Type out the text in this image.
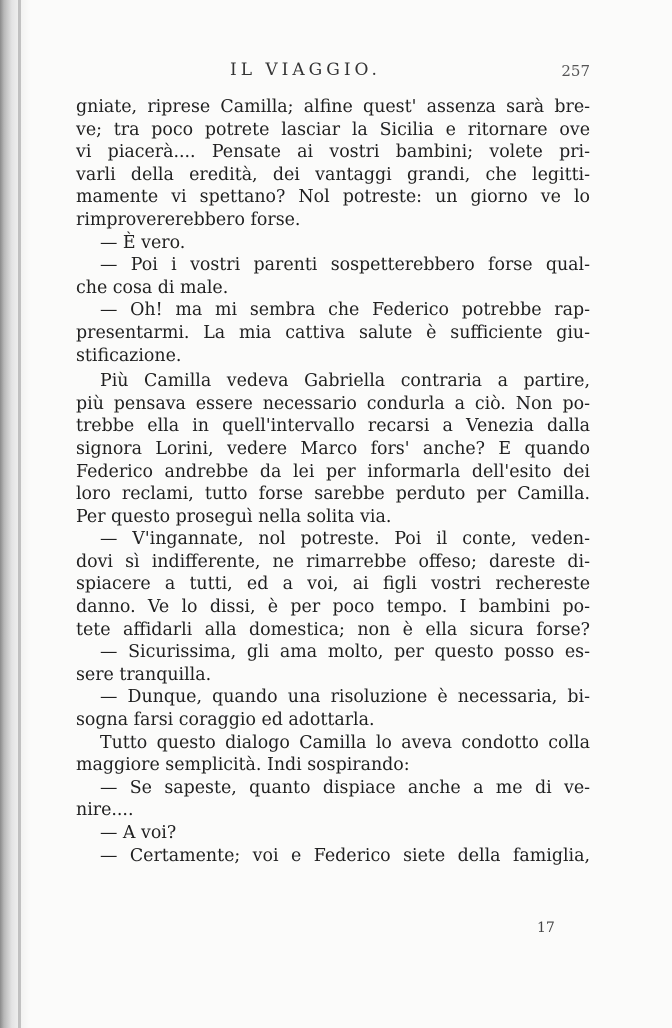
IL VIAGGIO.	257
gniate, riprese Camilla; alfine quest' assenza sarà bre-
ve; tra poco potrete lasciar la Sicilia e ritornare ove
vi piacerà.... Pensate ai vostri bambini; volete pri-
varli della eredità, dei vantaggi grandi, che legitti-
mamente vi spettano? Nol potreste: un giorno ve lo
rimprovererebbero forse.
— È vero.
— Poi i vostri parenti sospetterebbero forse qual-
che cosa di male.
— Oh! ma mi sembra che Federico potrebbe rap-
presentarmi. La mia cattiva salute è sufficiente giu-
stificazione.
Più Camilla vedeva Gabriella contraria a partire,
più pensava essere necessario condurla a ciò. Non po-
trebbe ella in quell'intervallo recarsi a Venezia dalla
signora Lorini, vedere Marco fors' anche? E quando
Federico andrebbe da lei per informarla dell'esito dei
loro reclami, tutto forse sarebbe perduto per Camilla.
Per questo proseguì nella solita via.
— V'ingannate, nol potreste. Poi il conte, veden-
dovi sì indifferente, ne rimarrebbe offeso; dareste di-
spiacere a tutti, ed a voi, ai figli vostri rechereste
danno. Ve lo dissi, è per poco tempo. I bambini po-
tete affidarli alla domestica; non è ella sicura forse?
— Sicurissima, gli ama molto, per questo posso es-
sere tranquilla.
— Dunque, quando una risoluzione è necessaria, bi-
sogna farsi coraggio ed adottarla.
Tutto questo dialogo Camilla lo aveva condotto colla
maggiore semplicità. Indi sospirando:
— Se sapeste, quanto dispiace anche a me di ve-
nire....
— A voi?
— Certamente; voi e Federico siete della famiglia,
17
